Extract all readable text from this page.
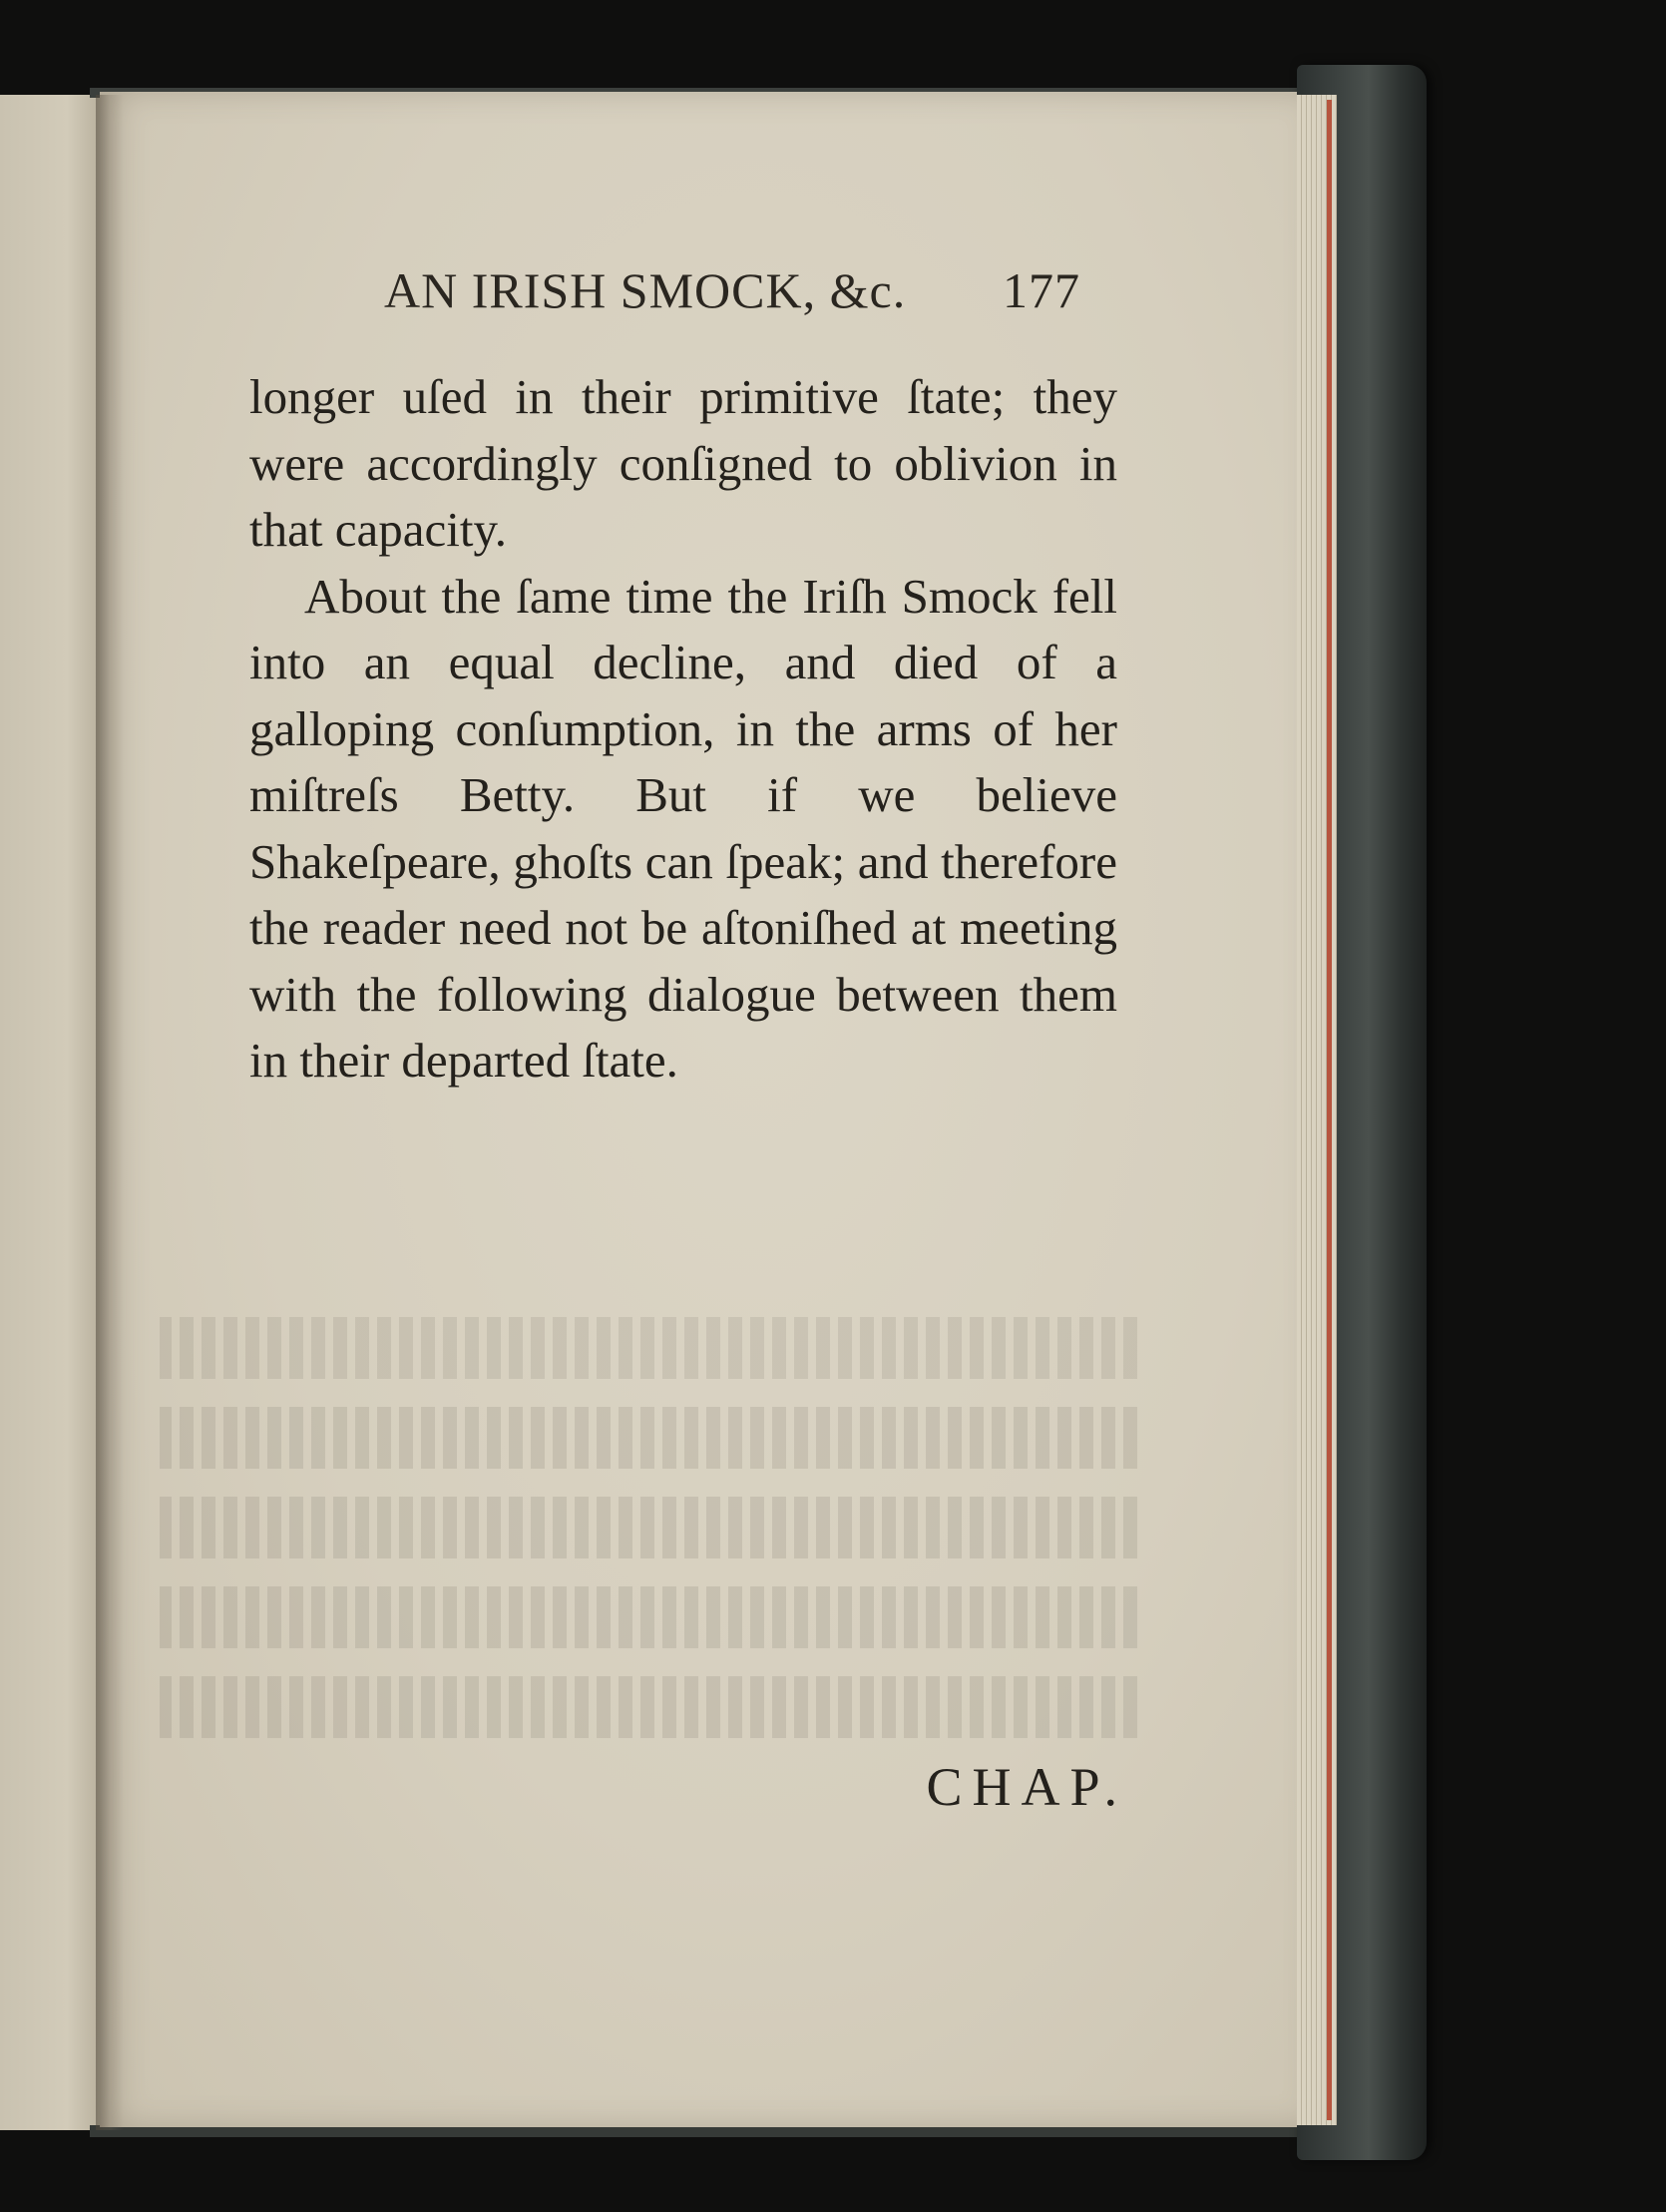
AN IRISH SMOCK, &c. 177

longer uſed in their primitive ſtate; they were accordingly conſigned to oblivion in that capacity.

About the ſame time the Iriſh Smock fell into an equal decline, and died of a galloping conſumption, in the arms of her miſtreſs Betty. But if we believe Shakeſpeare, ghoſts can ſpeak; and therefore the reader need not be aſtoniſhed at meeting with the following dialogue between them in their departed ſtate.

CHAP.
